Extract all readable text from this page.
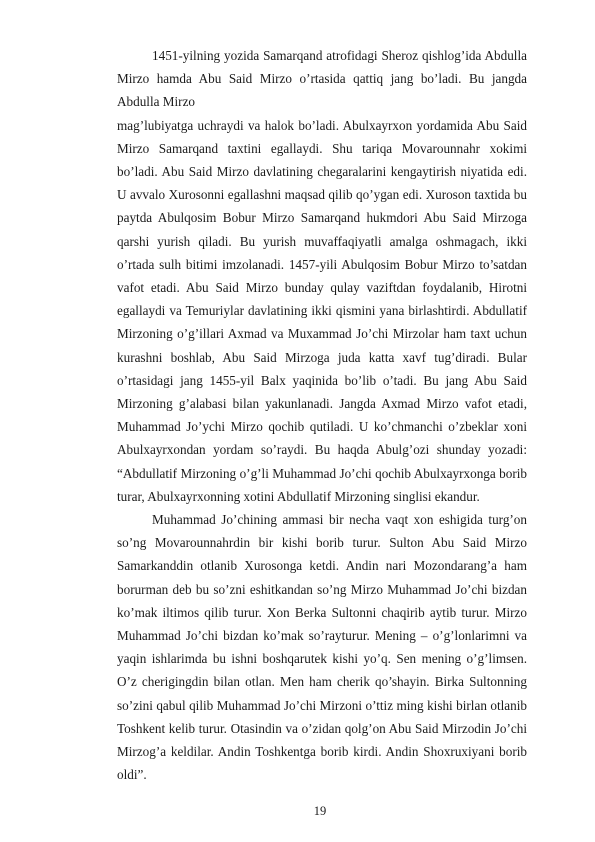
1451-yilning yozida Samarqand atrofidagi Sheroz qishlog’ida Abdulla Mirzo hamda Abu Said Mirzo o’rtasida qattiq jang bo’ladi. Bu jangda Abdulla Mirzo

mag’lubiyatga uchraydi va halok bo’ladi. Abulxayrxon yordamida Abu Said Mirzo Samarqand taxtini egallaydi. Shu tariqa Movarounnahr xokimi bo’ladi. Abu Said Mirzo davlatining chegaralarini kengaytirish niyatida edi. U avvalo Xurosonni egallashni maqsad qilib qo’ygan edi. Xuroson taxtida bu paytda Abulqosim Bobur Mirzo Samarqand hukmdori Abu Said Mirzoga qarshi yurish qiladi. Bu yurish muvaffaqiyatli amalga oshmagach, ikki o’rtada sulh bitimi imzolanadi. 1457-yili Abulqosim Bobur Mirzo to’satdan vafot etadi. Abu Said Mirzo bunday qulay vaziftdan foydalanib, Hirotni egallaydi va Temuriylar davlatining ikki qismini yana birlashtirdi. Abdullatif Mirzoning o’g’illari Axmad va Muxammad Jo’chi Mirzolar ham taxt uchun kurashni boshlab, Abu Said Mirzoga juda katta xavf tug’diradi. Bular o’rtasidagi jang 1455-yil Balx yaqinida bo’lib o’tadi. Bu jang Abu Said Mirzoning g’alabasi bilan yakunlanadi. Jangda Axmad Mirzo vafot etadi, Muhammad Jo’ychi Mirzo qochib qutiladi. U ko’chmanchi o’zbeklar xoni Abulxayrxondan yordam so’raydi. Bu haqda Abulg’ozi shunday yozadi: “Abdullatif Mirzoning o’g’li Muhammad Jo’chi qochib Abulxayrxonga borib turar, Abulxayrxonning xotini Abdullatif Mirzoning singlisi ekandur.

Muhammad Jo’chining ammasi bir necha vaqt xon eshigida turg’on so’ng Movarounnahrdin bir kishi borib turur. Sulton Abu Said Mirzo Samarkanddin otlanib Xurosonga ketdi. Andin nari Mozondarang’a ham borurman deb bu so’zni eshitkandan so’ng Mirzo Muhammad Jo’chi bizdan ko’mak iltimos qilib turur. Xon Berka Sultonni chaqirib aytib turur. Mirzo Muhammad Jo’chi bizdan ko’mak so’rayturur. Mening – o’g’lonlarimni va yaqin ishlarimda bu ishni boshqarutek kishi yo’q. Sen mening o’g’limsen. O’z cherigingdin bilan otlan. Men ham cherik qo’shayin. Birka Sultonning so’zini qabul qilib Muhammad Jo’chi Mirzoni o’ttiz ming kishi birlan otlanib Toshkent kelib turur. Otasindin va o’zidan qolg’on Abu Said Mirzodin Jo’chi Mirzog’a keldilar. Andin Toshkentga borib kirdi. Andin Shoxruxiyani borib oldi”.

19
